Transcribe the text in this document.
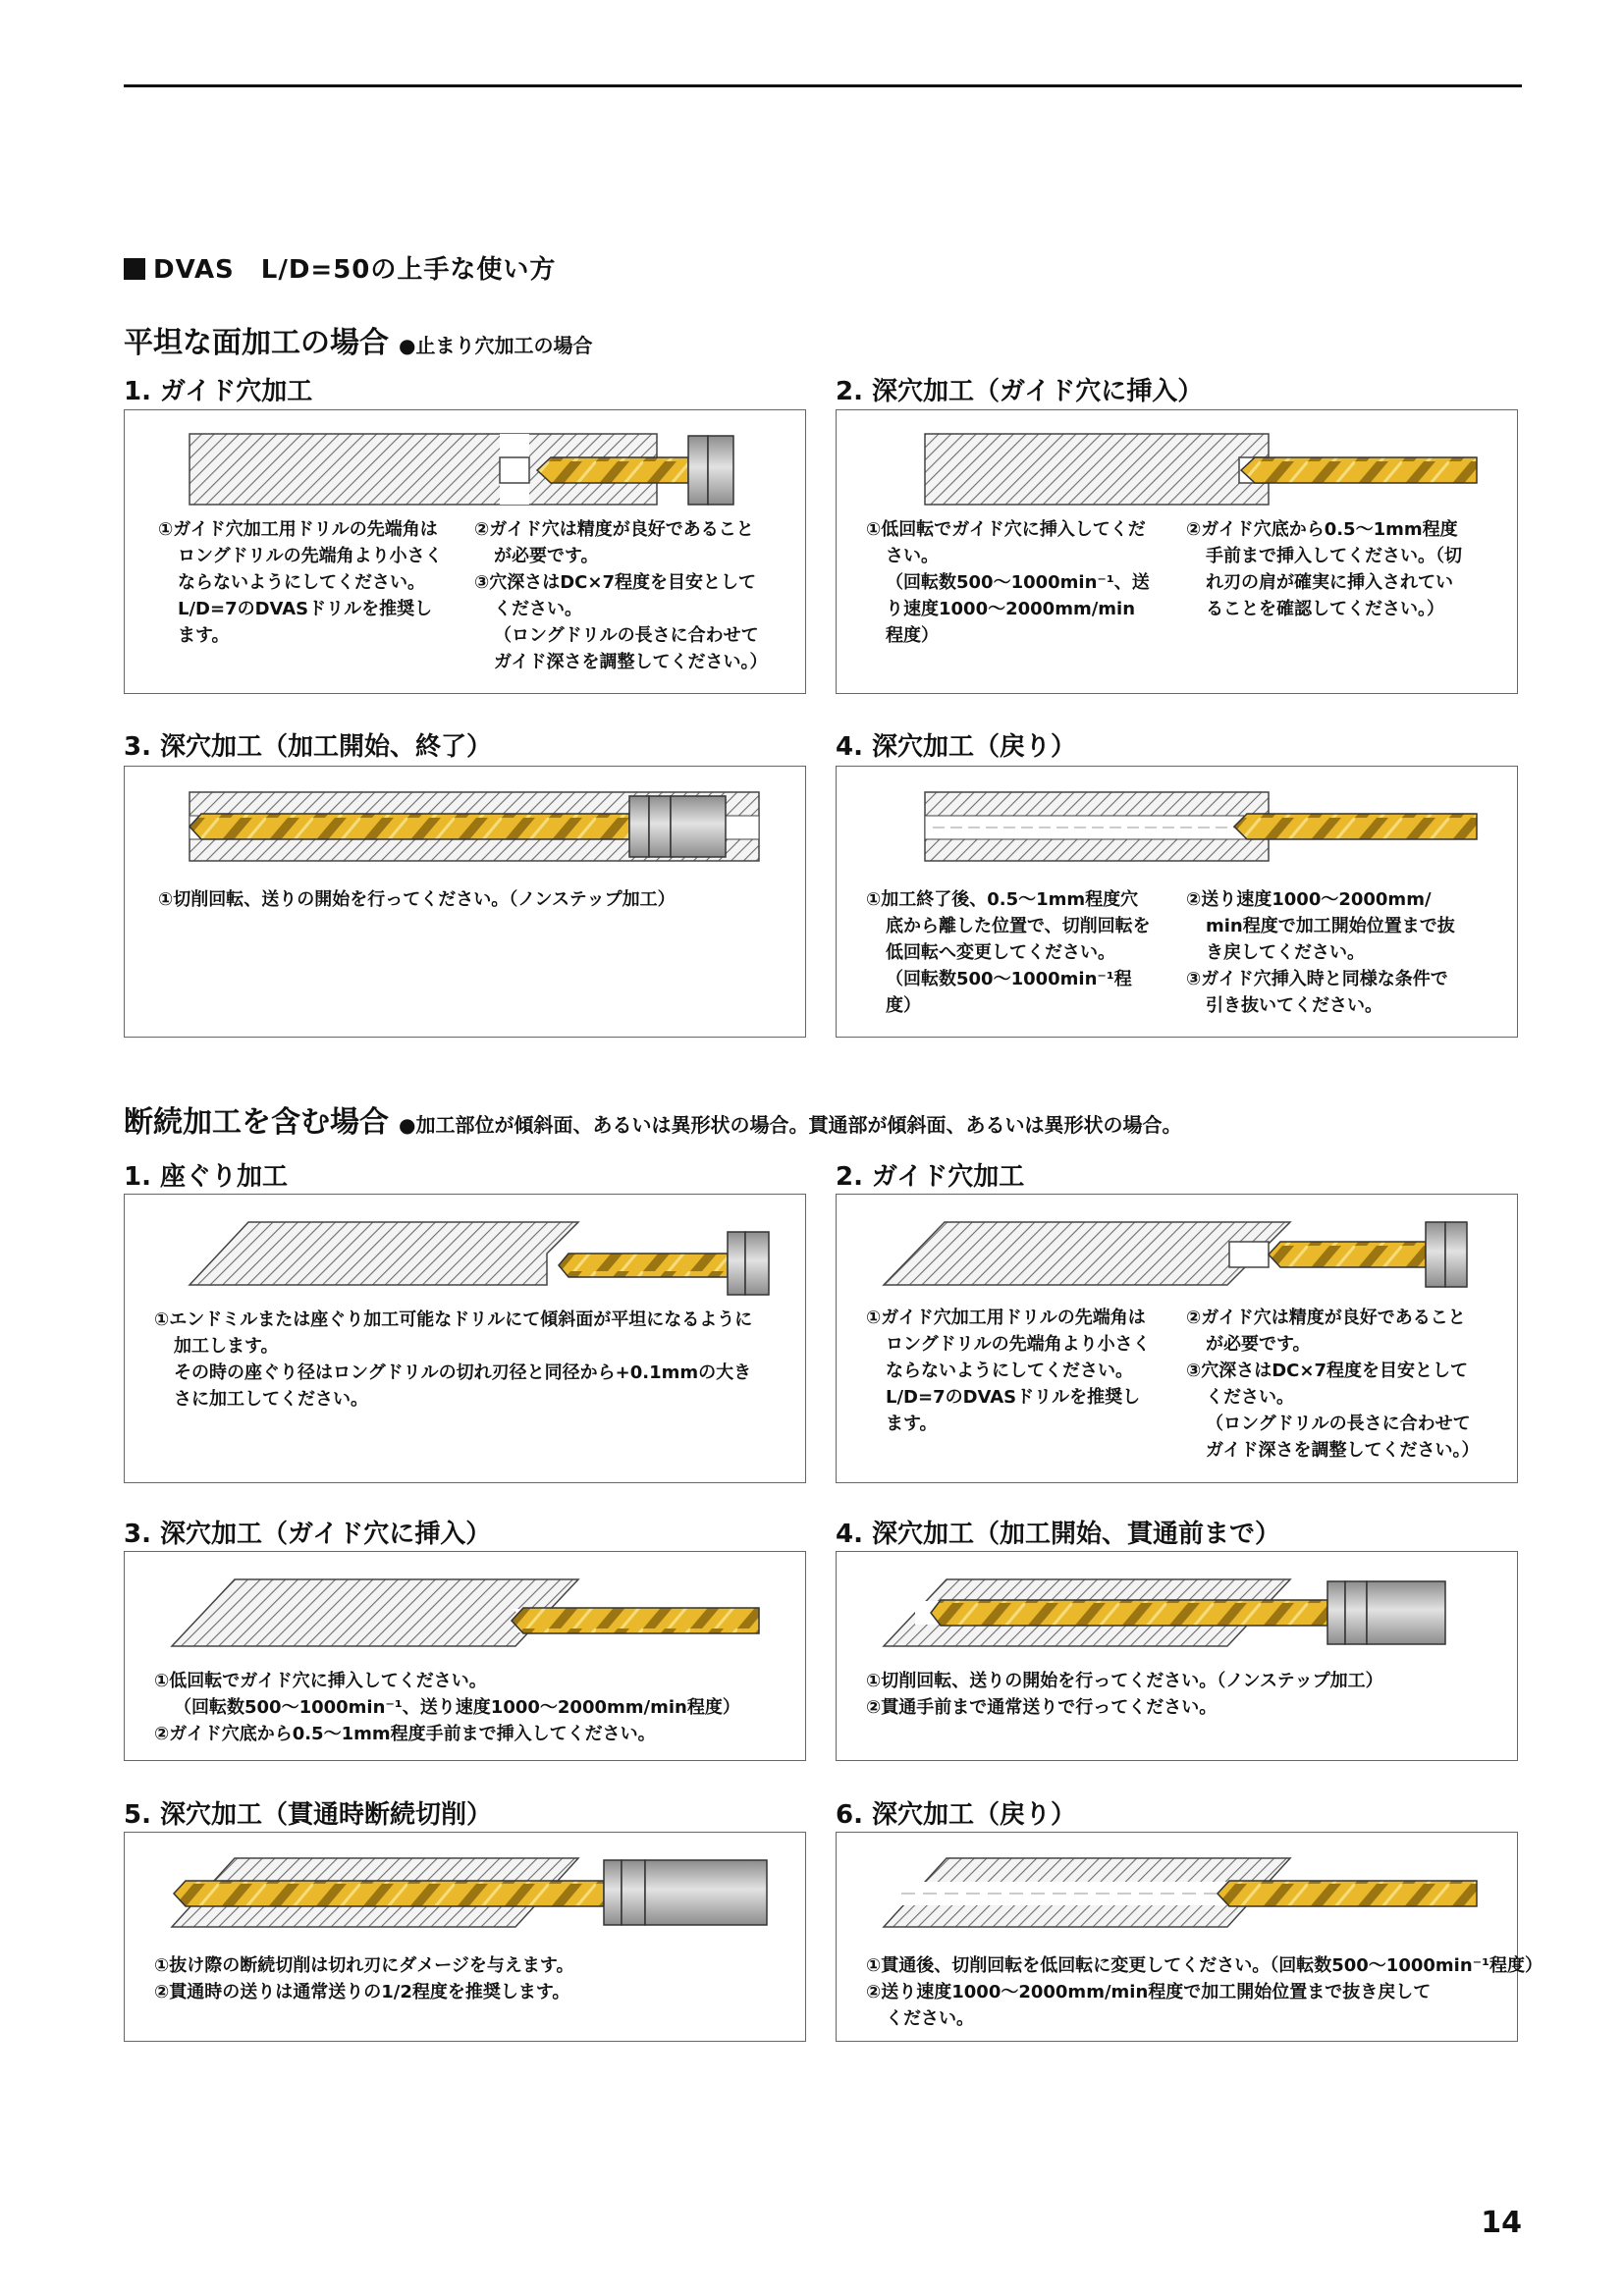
DVAS　L/D=50の上手な使い方
平坦な面加工の場合 ●止まり穴加工の場合
1. ガイド穴加工
①ガイド穴加工用ドリルの先端角は
ロングドリルの先端角より小さく
ならないようにしてください。
L/D=7のDVASドリルを推奨し
ます。
②ガイド穴は精度が良好であること
が必要です。
③穴深さはDC×7程度を目安として
ください。
（ロングドリルの長さに合わせて
ガイド深さを調整してください。）
2. 深穴加工（ガイド穴に挿入）
①低回転でガイド穴に挿入してくだ
さい。
（回転数500～1000min⁻¹、送
り速度1000～2000mm/min
程度）
②ガイド穴底から0.5～1mm程度
手前まで挿入してください。（切
れ刃の肩が確実に挿入されてい
ることを確認してください。）
3. 深穴加工（加工開始、終了）
①切削回転、送りの開始を行ってください。（ノンステップ加工）
4. 深穴加工（戻り）
①加工終了後、0.5～1mm程度穴
底から離した位置で、切削回転を
低回転へ変更してください。
（回転数500～1000min⁻¹程
度）
②送り速度1000～2000mm/
min程度で加工開始位置まで抜
き戻してください。
③ガイド穴挿入時と同様な条件で
引き抜いてください。
断続加工を含む場合 ●加工部位が傾斜面、あるいは異形状の場合。貫通部が傾斜面、あるいは異形状の場合。
1. 座ぐり加工
①エンドミルまたは座ぐり加工可能なドリルにて傾斜面が平坦になるように
加工します。
その時の座ぐり径はロングドリルの切れ刃径と同径から+0.1mmの大き
さに加工してください。
2. ガイド穴加工
①ガイド穴加工用ドリルの先端角は
ロングドリルの先端角より小さく
ならないようにしてください。
L/D=7のDVASドリルを推奨し
ます。
②ガイド穴は精度が良好であること
が必要です。
③穴深さはDC×7程度を目安として
ください。
（ロングドリルの長さに合わせて
ガイド深さを調整してください。）
3. 深穴加工（ガイド穴に挿入）
①低回転でガイド穴に挿入してください。
（回転数500～1000min⁻¹、送り速度1000～2000mm/min程度）
②ガイド穴底から0.5～1mm程度手前まで挿入してください。
4. 深穴加工（加工開始、貫通前まで）
①切削回転、送りの開始を行ってください。（ノンステップ加工）
②貫通手前まで通常送りで行ってください。
5. 深穴加工（貫通時断続切削）
①抜け際の断続切削は切れ刃にダメージを与えます。
②貫通時の送りは通常送りの1/2程度を推奨します。
6. 深穴加工（戻り）
①貫通後、切削回転を低回転に変更してください。（回転数500～1000min⁻¹程度）
②送り速度1000～2000mm/min程度で加工開始位置まで抜き戻して
ください。
14
